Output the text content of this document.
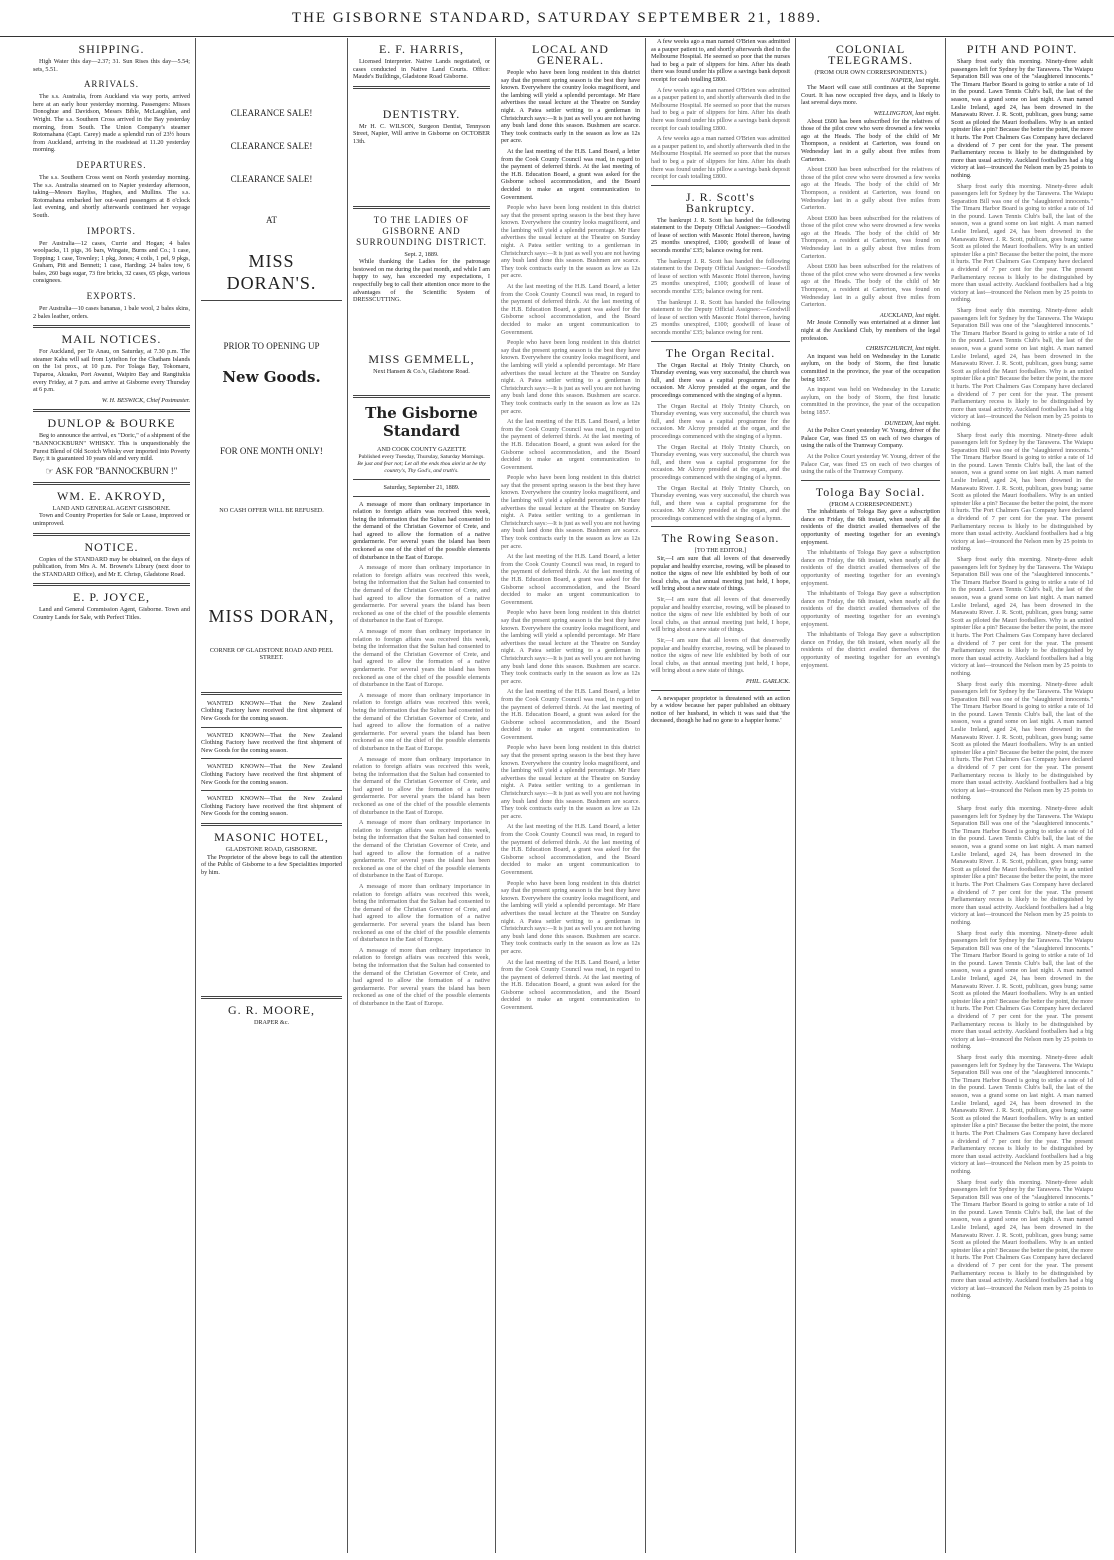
THE GISBORNE STANDARD, SATURDAY SEPTEMBER 21, 1889.
SHIPPING.

High Water this day—2.37; 31. Sun Rises this day—5.54; sets, 5.51.

ARRIVALS.

The s.s. Australia, from Auckland via way ports, arrived here at an early hour yesterday morning. Passengers: Misses Donoghue and Davidson, Messrs Bible, McLaughlan, and Wright. The s.s. Southern Cross arrived in the Bay yesterday morning, from South. The Union Company's steamer Rotomahana (Capt. Carey) made a splendid run of 23½ hours from Auckland, arriving in the roadstead at 11.20 yesterday morning.

DEPARTURES.

The s.s. Southern Cross went on North yesterday morning. The s.s. Australia steamed on to Napier yesterday afternoon, taking—Messrs Bayliss, Hughes, and Mullins. The s.s. Rotomahana embarked her out-ward passengers at 8 o'clock last evening, and shortly afterwards continued her voyage South.

IMPORTS.

Per Australia—12 cases, Currie and Hogan; 4 bales woolpacks, 11 pigs, 36 bars, Wingate, Burns and Co.; 1 case, Topping; 1 case, Townley; 1 pkg, Jones; 4 coils, 1 pel, 9 pkgs, Graham, Pitt and Bennett; 1 case, Harding; 24 bales tow, 6 bales, 260 bags sugar, 73 fire bricks, 32 cases, 65 pkgs, various consignees.

EXPORTS.

Per Australia—10 cases bananas, 1 bale wool, 2 bales skins, 2 bales leather, orders.

MAIL NOTICES.

For Auckland, per Te Anau, on Saturday, at 7.30 p.m. The steamer Kahu will sail from Lyttelton for the Chatham Islands on the 1st prox., at 10 p.m. For Tolaga Bay, Tokomaru, Tuparoa, Akuaku, Port Awanui, Waipiro Bay and Rangitukia every Friday, at 7 p.m. and arrive at Gisborne every Thursday at 6 p.m.

W. H. BESWICK, Chief Postmaster.

DUNLOP & BOURKE

Beg to announce the arrival, ex "Doric," of a shipment of the "BANNOCKBURN" WHISKY. This is unquestionably the Purest Blend of Old Scotch Whisky ever imported into Poverty Bay; it is guaranteed 10 years old and very mild.

☞ ASK FOR "BANNOCKBURN !"
WM. E. AKROYD,
LAND AND GENERAL AGENT GISBORNE.

Town and Country Properties for Sale or Lease, improved or unimproved.

NOTICE.

Copies of the STANDARD may be obtained, on the days of publication, from Mrs A. M. Browne's Library (next door to the STANDARD Office), and Mr E. Chrisp, Gladstone Road.

E. P. JOYCE,

Land and General Commission Agent, Gisborne. Town and Country Lands for Sale, with Perfect Titles.

CLEARANCE SALE!
CLEARANCE SALE!
CLEARANCE SALE!
AT
MISS DORAN'S.
PRIOR TO OPENING UP
New Goods.
FOR ONE MONTH ONLY!
NO CASH OFFER WILL BE REFUSED.
MISS DORAN,
CORNER OF GLADSTONE ROAD AND PEEL STREET.

WANTED KNOWN—That the New Zealand Clothing Factory have received the first shipment of New Goods for the coming season.

WANTED KNOWN—That the New Zealand Clothing Factory have received the first shipment of New Goods for the coming season.

WANTED KNOWN—That the New Zealand Clothing Factory have received the first shipment of New Goods for the coming season.

WANTED KNOWN—That the New Zealand Clothing Factory have received the first shipment of New Goods for the coming season.

MASONIC HOTEL,
GLADSTONE ROAD, GISBORNE.

The Proprietor of the above begs to call the attention of the Public of Gisborne to a few Specialities imported by him.

G. R. MOORE,
DRAPER &c.
E. F. HARRIS,

Licensed Interpreter. Native Lands negotiated, or cases conducted in Native Land Courts. Office: Maude's Buildings, Gladstone Road Gisborne.

DENTISTRY.

Mr H. C. WILSON, Surgeon Dentist, Tennyson Street, Napier, Will arrive in Gisborne on OCTOBER 13th.

TO THE LADIES OF GISBORNE AND SURROUNDING DISTRICT.
Sept. 2, 1889.

While thanking the Ladies for the patronage bestowed on me during the past month, and while I am happy to say, has exceeded my expectations, I respectfully beg to call their attention once more to the advantages of the Scientific System of DRESSCUTTING.

MISS GEMMELL,
Next Hansen & Co.'s, Gladstone Road.
The Gisborne Standard
AND COOK COUNTY GAZETTE
Published every Tuesday, Thursday, Saturday Mornings.
Be just and fear not; Let all the ends thou aim'st at be thy country's, Thy God's, and truth's.
Saturday, September 21, 1889.

A message of more than ordinary importance in relation to foreign affairs was received this week, being the information that the Sultan had consented to the demand of the Christian Governor of Crete, and had agreed to allow the formation of a native gendarmerie. For several years the island has been reckoned as one of the chief of the possible elements of disturbance in the East of Europe.

A message of more than ordinary importance in relation to foreign affairs was received this week, being the information that the Sultan had consented to the demand of the Christian Governor of Crete, and had agreed to allow the formation of a native gendarmerie. For several years the island has been reckoned as one of the chief of the possible elements of disturbance in the East of Europe.

A message of more than ordinary importance in relation to foreign affairs was received this week, being the information that the Sultan had consented to the demand of the Christian Governor of Crete, and had agreed to allow the formation of a native gendarmerie. For several years the island has been reckoned as one of the chief of the possible elements of disturbance in the East of Europe.

A message of more than ordinary importance in relation to foreign affairs was received this week, being the information that the Sultan had consented to the demand of the Christian Governor of Crete, and had agreed to allow the formation of a native gendarmerie. For several years the island has been reckoned as one of the chief of the possible elements of disturbance in the East of Europe.

A message of more than ordinary importance in relation to foreign affairs was received this week, being the information that the Sultan had consented to the demand of the Christian Governor of Crete, and had agreed to allow the formation of a native gendarmerie. For several years the island has been reckoned as one of the chief of the possible elements of disturbance in the East of Europe.

A message of more than ordinary importance in relation to foreign affairs was received this week, being the information that the Sultan had consented to the demand of the Christian Governor of Crete, and had agreed to allow the formation of a native gendarmerie. For several years the island has been reckoned as one of the chief of the possible elements of disturbance in the East of Europe.

A message of more than ordinary importance in relation to foreign affairs was received this week, being the information that the Sultan had consented to the demand of the Christian Governor of Crete, and had agreed to allow the formation of a native gendarmerie. For several years the island has been reckoned as one of the chief of the possible elements of disturbance in the East of Europe.

A message of more than ordinary importance in relation to foreign affairs was received this week, being the information that the Sultan had consented to the demand of the Christian Governor of Crete, and had agreed to allow the formation of a native gendarmerie. For several years the island has been reckoned as one of the chief of the possible elements of disturbance in the East of Europe.

LOCAL AND GENERAL.

People who have been long resident in this district say that the present spring season is the best they have known. Everywhere the country looks magnificent, and the lambing will yield a splendid percentage. Mr Hare advertises the usual lecture at the Theatre on Sunday night. A Patea settler writing to a gentleman in Christchurch says:—It is just as well you are not having any bush land done this season. Bushmen are scarce. They took contracts early in the season as low as 12s per acre.

At the last meeting of the H.B. Land Board, a letter from the Cook County Council was read, in regard to the payment of deferred thirds. At the last meeting of the H.B. Education Board, a grant was asked for the Gisborne school accommodation, and the Board decided to make an urgent communication to Government.

People who have been long resident in this district say that the present spring season is the best they have known. Everywhere the country looks magnificent, and the lambing will yield a splendid percentage. Mr Hare advertises the usual lecture at the Theatre on Sunday night. A Patea settler writing to a gentleman in Christchurch says:—It is just as well you are not having any bush land done this season. Bushmen are scarce. They took contracts early in the season as low as 12s per acre.

At the last meeting of the H.B. Land Board, a letter from the Cook County Council was read, in regard to the payment of deferred thirds. At the last meeting of the H.B. Education Board, a grant was asked for the Gisborne school accommodation, and the Board decided to make an urgent communication to Government.

People who have been long resident in this district say that the present spring season is the best they have known. Everywhere the country looks magnificent, and the lambing will yield a splendid percentage. Mr Hare advertises the usual lecture at the Theatre on Sunday night. A Patea settler writing to a gentleman in Christchurch says:—It is just as well you are not having any bush land done this season. Bushmen are scarce. They took contracts early in the season as low as 12s per acre.

At the last meeting of the H.B. Land Board, a letter from the Cook County Council was read, in regard to the payment of deferred thirds. At the last meeting of the H.B. Education Board, a grant was asked for the Gisborne school accommodation, and the Board decided to make an urgent communication to Government.

People who have been long resident in this district say that the present spring season is the best they have known. Everywhere the country looks magnificent, and the lambing will yield a splendid percentage. Mr Hare advertises the usual lecture at the Theatre on Sunday night. A Patea settler writing to a gentleman in Christchurch says:—It is just as well you are not having any bush land done this season. Bushmen are scarce. They took contracts early in the season as low as 12s per acre.

At the last meeting of the H.B. Land Board, a letter from the Cook County Council was read, in regard to the payment of deferred thirds. At the last meeting of the H.B. Education Board, a grant was asked for the Gisborne school accommodation, and the Board decided to make an urgent communication to Government.

People who have been long resident in this district say that the present spring season is the best they have known. Everywhere the country looks magnificent, and the lambing will yield a splendid percentage. Mr Hare advertises the usual lecture at the Theatre on Sunday night. A Patea settler writing to a gentleman in Christchurch says:—It is just as well you are not having any bush land done this season. Bushmen are scarce. They took contracts early in the season as low as 12s per acre.

At the last meeting of the H.B. Land Board, a letter from the Cook County Council was read, in regard to the payment of deferred thirds. At the last meeting of the H.B. Education Board, a grant was asked for the Gisborne school accommodation, and the Board decided to make an urgent communication to Government.

People who have been long resident in this district say that the present spring season is the best they have known. Everywhere the country looks magnificent, and the lambing will yield a splendid percentage. Mr Hare advertises the usual lecture at the Theatre on Sunday night. A Patea settler writing to a gentleman in Christchurch says:—It is just as well you are not having any bush land done this season. Bushmen are scarce. They took contracts early in the season as low as 12s per acre.

At the last meeting of the H.B. Land Board, a letter from the Cook County Council was read, in regard to the payment of deferred thirds. At the last meeting of the H.B. Education Board, a grant was asked for the Gisborne school accommodation, and the Board decided to make an urgent communication to Government.

People who have been long resident in this district say that the present spring season is the best they have known. Everywhere the country looks magnificent, and the lambing will yield a splendid percentage. Mr Hare advertises the usual lecture at the Theatre on Sunday night. A Patea settler writing to a gentleman in Christchurch says:—It is just as well you are not having any bush land done this season. Bushmen are scarce. They took contracts early in the season as low as 12s per acre.

At the last meeting of the H.B. Land Board, a letter from the Cook County Council was read, in regard to the payment of deferred thirds. At the last meeting of the H.B. Education Board, a grant was asked for the Gisborne school accommodation, and the Board decided to make an urgent communication to Government.

A few weeks ago a man named O'Brien was admitted as a pauper patient to, and shortly afterwards died in the Melbourne Hospital. He seemed so poor that the nurses had to beg a pair of slippers for him. After his death there was found under his pillow a savings bank deposit receipt for cash totalling £800.

A few weeks ago a man named O'Brien was admitted as a pauper patient to, and shortly afterwards died in the Melbourne Hospital. He seemed so poor that the nurses had to beg a pair of slippers for him. After his death there was found under his pillow a savings bank deposit receipt for cash totalling £800.

A few weeks ago a man named O'Brien was admitted as a pauper patient to, and shortly afterwards died in the Melbourne Hospital. He seemed so poor that the nurses had to beg a pair of slippers for him. After his death there was found under his pillow a savings bank deposit receipt for cash totalling £800.

J. R. Scott's Bankruptcy.

The bankrupt J. R. Scott has handed the following statement to the Deputy Official Assignee:—Goodwill of lease of section with Masonic Hotel thereon, having 25 months unexpired, £100; goodwill of lease of seconds months' £35; balance owing for rent.

The bankrupt J. R. Scott has handed the following statement to the Deputy Official Assignee:—Goodwill of lease of section with Masonic Hotel thereon, having 25 months unexpired, £100; goodwill of lease of seconds months' £35; balance owing for rent.

The bankrupt J. R. Scott has handed the following statement to the Deputy Official Assignee:—Goodwill of lease of section with Masonic Hotel thereon, having 25 months unexpired, £100; goodwill of lease of seconds months' £35; balance owing for rent.

The Organ Recital.

The Organ Recital at Holy Trinity Church, on Thursday evening, was very successful, the church was full, and there was a capital programme for the occasion. Mr Alcroy presided at the organ, and the proceedings commenced with the singing of a hymn.

The Organ Recital at Holy Trinity Church, on Thursday evening, was very successful, the church was full, and there was a capital programme for the occasion. Mr Alcroy presided at the organ, and the proceedings commenced with the singing of a hymn.

The Organ Recital at Holy Trinity Church, on Thursday evening, was very successful, the church was full, and there was a capital programme for the occasion. Mr Alcroy presided at the organ, and the proceedings commenced with the singing of a hymn.

The Organ Recital at Holy Trinity Church, on Thursday evening, was very successful, the church was full, and there was a capital programme for the occasion. Mr Alcroy presided at the organ, and the proceedings commenced with the singing of a hymn.

The Rowing Season.
[TO THE EDITOR.]

Sir,—I am sure that all lovers of that deservedly popular and healthy exercise, rowing, will be pleased to notice the signs of new life exhibited by both of our local clubs, as that annual meeting just held, I hope, will bring about a new state of things.

Sir,—I am sure that all lovers of that deservedly popular and healthy exercise, rowing, will be pleased to notice the signs of new life exhibited by both of our local clubs, as that annual meeting just held, I hope, will bring about a new state of things.

Sir,—I am sure that all lovers of that deservedly popular and healthy exercise, rowing, will be pleased to notice the signs of new life exhibited by both of our local clubs, as that annual meeting just held, I hope, will bring about a new state of things.

PHIL. GARLICK.

A newspaper proprietor is threatened with an action by a widow because her paper published an obituary notice of her husband, in which it was said that 'the deceased, though he had no gone to a happier home.'

COLONIAL TELEGRAMS.
(FROM OUR OWN CORRESPONDENTS.)
NAPIER, last night.

The Maori will case still continues at the Supreme Court. It has now occupied five days, and is likely to last several days more.

WELLINGTON, last night.

About £600 has been subscribed for the relatives of those of the pilot crew who were drowned a few weeks ago at the Heads. The body of the child of Mr Thompson, a resident at Carterton, was found on Wednesday last in a gully about five miles from Carterton.

About £600 has been subscribed for the relatives of those of the pilot crew who were drowned a few weeks ago at the Heads. The body of the child of Mr Thompson, a resident at Carterton, was found on Wednesday last in a gully about five miles from Carterton.

About £600 has been subscribed for the relatives of those of the pilot crew who were drowned a few weeks ago at the Heads. The body of the child of Mr Thompson, a resident at Carterton, was found on Wednesday last in a gully about five miles from Carterton.

About £600 has been subscribed for the relatives of those of the pilot crew who were drowned a few weeks ago at the Heads. The body of the child of Mr Thompson, a resident at Carterton, was found on Wednesday last in a gully about five miles from Carterton.

AUCKLAND, last night.

Mr Jessie Connolly was entertained at a dinner last night at the Auckland Club, by members of the legal profession.

CHRISTCHURCH, last night.

An inquest was held on Wednesday in the Lunatic asylum, on the body of Storm, the first lunatic committed in the province, the year of the occupation being 1857.

An inquest was held on Wednesday in the Lunatic asylum, on the body of Storm, the first lunatic committed in the province, the year of the occupation being 1857.

DUNEDIN, last night.

At the Police Court yesterday W. Young, driver of the Palace Car, was fined £5 on each of two charges of using the rails of the Tramway Company.

At the Police Court yesterday W. Young, driver of the Palace Car, was fined £5 on each of two charges of using the rails of the Tramway Company.

Tologa Bay Social.
(FROM A CORRESPONDENT.)

The inhabitants of Tologa Bay gave a subscription dance on Friday, the 6th instant, when nearly all the residents of the district availed themselves of the opportunity of meeting together for an evening's enjoyment.

The inhabitants of Tologa Bay gave a subscription dance on Friday, the 6th instant, when nearly all the residents of the district availed themselves of the opportunity of meeting together for an evening's enjoyment.

The inhabitants of Tologa Bay gave a subscription dance on Friday, the 6th instant, when nearly all the residents of the district availed themselves of the opportunity of meeting together for an evening's enjoyment.

The inhabitants of Tologa Bay gave a subscription dance on Friday, the 6th instant, when nearly all the residents of the district availed themselves of the opportunity of meeting together for an evening's enjoyment.

PITH AND POINT.

Sharp frost early this morning. Ninety-three adult passengers left for Sydney by the Tarawera. The Waiapu Separation Bill was one of the "slaughtered innocents." The Timaru Harbor Board is going to strike a rate of 1d in the pound. Lawn Tennis Club's ball, the last of the season, was a grand some on last night. A man named Leslie Ireland, aged 24, has been drowned in the Manawatu River. J. R. Scott, publican, goes bung; same Scott as piloted the Mauri footballers. Why is an untied spinster like a pin? Because the better the point, the more it hurts. The Port Chalmers Gas Company have declared a dividend of 7 per cent for the year. The present Parliamentary recess is likely to be distinguished by more than usual activity. Auckland footballers had a big victory at last—trounced the Nelson men by 25 points to nothing.

Sharp frost early this morning. Ninety-three adult passengers left for Sydney by the Tarawera. The Waiapu Separation Bill was one of the "slaughtered innocents." The Timaru Harbor Board is going to strike a rate of 1d in the pound. Lawn Tennis Club's ball, the last of the season, was a grand some on last night. A man named Leslie Ireland, aged 24, has been drowned in the Manawatu River. J. R. Scott, publican, goes bung; same Scott as piloted the Mauri footballers. Why is an untied spinster like a pin? Because the better the point, the more it hurts. The Port Chalmers Gas Company have declared a dividend of 7 per cent for the year. The present Parliamentary recess is likely to be distinguished by more than usual activity. Auckland footballers had a big victory at last—trounced the Nelson men by 25 points to nothing.

Sharp frost early this morning. Ninety-three adult passengers left for Sydney by the Tarawera. The Waiapu Separation Bill was one of the "slaughtered innocents." The Timaru Harbor Board is going to strike a rate of 1d in the pound. Lawn Tennis Club's ball, the last of the season, was a grand some on last night. A man named Leslie Ireland, aged 24, has been drowned in the Manawatu River. J. R. Scott, publican, goes bung; same Scott as piloted the Mauri footballers. Why is an untied spinster like a pin? Because the better the point, the more it hurts. The Port Chalmers Gas Company have declared a dividend of 7 per cent for the year. The present Parliamentary recess is likely to be distinguished by more than usual activity. Auckland footballers had a big victory at last—trounced the Nelson men by 25 points to nothing.

Sharp frost early this morning. Ninety-three adult passengers left for Sydney by the Tarawera. The Waiapu Separation Bill was one of the "slaughtered innocents." The Timaru Harbor Board is going to strike a rate of 1d in the pound. Lawn Tennis Club's ball, the last of the season, was a grand some on last night. A man named Leslie Ireland, aged 24, has been drowned in the Manawatu River. J. R. Scott, publican, goes bung; same Scott as piloted the Mauri footballers. Why is an untied spinster like a pin? Because the better the point, the more it hurts. The Port Chalmers Gas Company have declared a dividend of 7 per cent for the year. The present Parliamentary recess is likely to be distinguished by more than usual activity. Auckland footballers had a big victory at last—trounced the Nelson men by 25 points to nothing.

Sharp frost early this morning. Ninety-three adult passengers left for Sydney by the Tarawera. The Waiapu Separation Bill was one of the "slaughtered innocents." The Timaru Harbor Board is going to strike a rate of 1d in the pound. Lawn Tennis Club's ball, the last of the season, was a grand some on last night. A man named Leslie Ireland, aged 24, has been drowned in the Manawatu River. J. R. Scott, publican, goes bung; same Scott as piloted the Mauri footballers. Why is an untied spinster like a pin? Because the better the point, the more it hurts. The Port Chalmers Gas Company have declared a dividend of 7 per cent for the year. The present Parliamentary recess is likely to be distinguished by more than usual activity. Auckland footballers had a big victory at last—trounced the Nelson men by 25 points to nothing.

Sharp frost early this morning. Ninety-three adult passengers left for Sydney by the Tarawera. The Waiapu Separation Bill was one of the "slaughtered innocents." The Timaru Harbor Board is going to strike a rate of 1d in the pound. Lawn Tennis Club's ball, the last of the season, was a grand some on last night. A man named Leslie Ireland, aged 24, has been drowned in the Manawatu River. J. R. Scott, publican, goes bung; same Scott as piloted the Mauri footballers. Why is an untied spinster like a pin? Because the better the point, the more it hurts. The Port Chalmers Gas Company have declared a dividend of 7 per cent for the year. The present Parliamentary recess is likely to be distinguished by more than usual activity. Auckland footballers had a big victory at last—trounced the Nelson men by 25 points to nothing.

Sharp frost early this morning. Ninety-three adult passengers left for Sydney by the Tarawera. The Waiapu Separation Bill was one of the "slaughtered innocents." The Timaru Harbor Board is going to strike a rate of 1d in the pound. Lawn Tennis Club's ball, the last of the season, was a grand some on last night. A man named Leslie Ireland, aged 24, has been drowned in the Manawatu River. J. R. Scott, publican, goes bung; same Scott as piloted the Mauri footballers. Why is an untied spinster like a pin? Because the better the point, the more it hurts. The Port Chalmers Gas Company have declared a dividend of 7 per cent for the year. The present Parliamentary recess is likely to be distinguished by more than usual activity. Auckland footballers had a big victory at last—trounced the Nelson men by 25 points to nothing.

Sharp frost early this morning. Ninety-three adult passengers left for Sydney by the Tarawera. The Waiapu Separation Bill was one of the "slaughtered innocents." The Timaru Harbor Board is going to strike a rate of 1d in the pound. Lawn Tennis Club's ball, the last of the season, was a grand some on last night. A man named Leslie Ireland, aged 24, has been drowned in the Manawatu River. J. R. Scott, publican, goes bung; same Scott as piloted the Mauri footballers. Why is an untied spinster like a pin? Because the better the point, the more it hurts. The Port Chalmers Gas Company have declared a dividend of 7 per cent for the year. The present Parliamentary recess is likely to be distinguished by more than usual activity. Auckland footballers had a big victory at last—trounced the Nelson men by 25 points to nothing.

Sharp frost early this morning. Ninety-three adult passengers left for Sydney by the Tarawera. The Waiapu Separation Bill was one of the "slaughtered innocents." The Timaru Harbor Board is going to strike a rate of 1d in the pound. Lawn Tennis Club's ball, the last of the season, was a grand some on last night. A man named Leslie Ireland, aged 24, has been drowned in the Manawatu River. J. R. Scott, publican, goes bung; same Scott as piloted the Mauri footballers. Why is an untied spinster like a pin? Because the better the point, the more it hurts. The Port Chalmers Gas Company have declared a dividend of 7 per cent for the year. The present Parliamentary recess is likely to be distinguished by more than usual activity. Auckland footballers had a big victory at last—trounced the Nelson men by 25 points to nothing.

Sharp frost early this morning. Ninety-three adult passengers left for Sydney by the Tarawera. The Waiapu Separation Bill was one of the "slaughtered innocents." The Timaru Harbor Board is going to strike a rate of 1d in the pound. Lawn Tennis Club's ball, the last of the season, was a grand some on last night. A man named Leslie Ireland, aged 24, has been drowned in the Manawatu River. J. R. Scott, publican, goes bung; same Scott as piloted the Mauri footballers. Why is an untied spinster like a pin? Because the better the point, the more it hurts. The Port Chalmers Gas Company have declared a dividend of 7 per cent for the year. The present Parliamentary recess is likely to be distinguished by more than usual activity. Auckland footballers had a big victory at last—trounced the Nelson men by 25 points to nothing.
